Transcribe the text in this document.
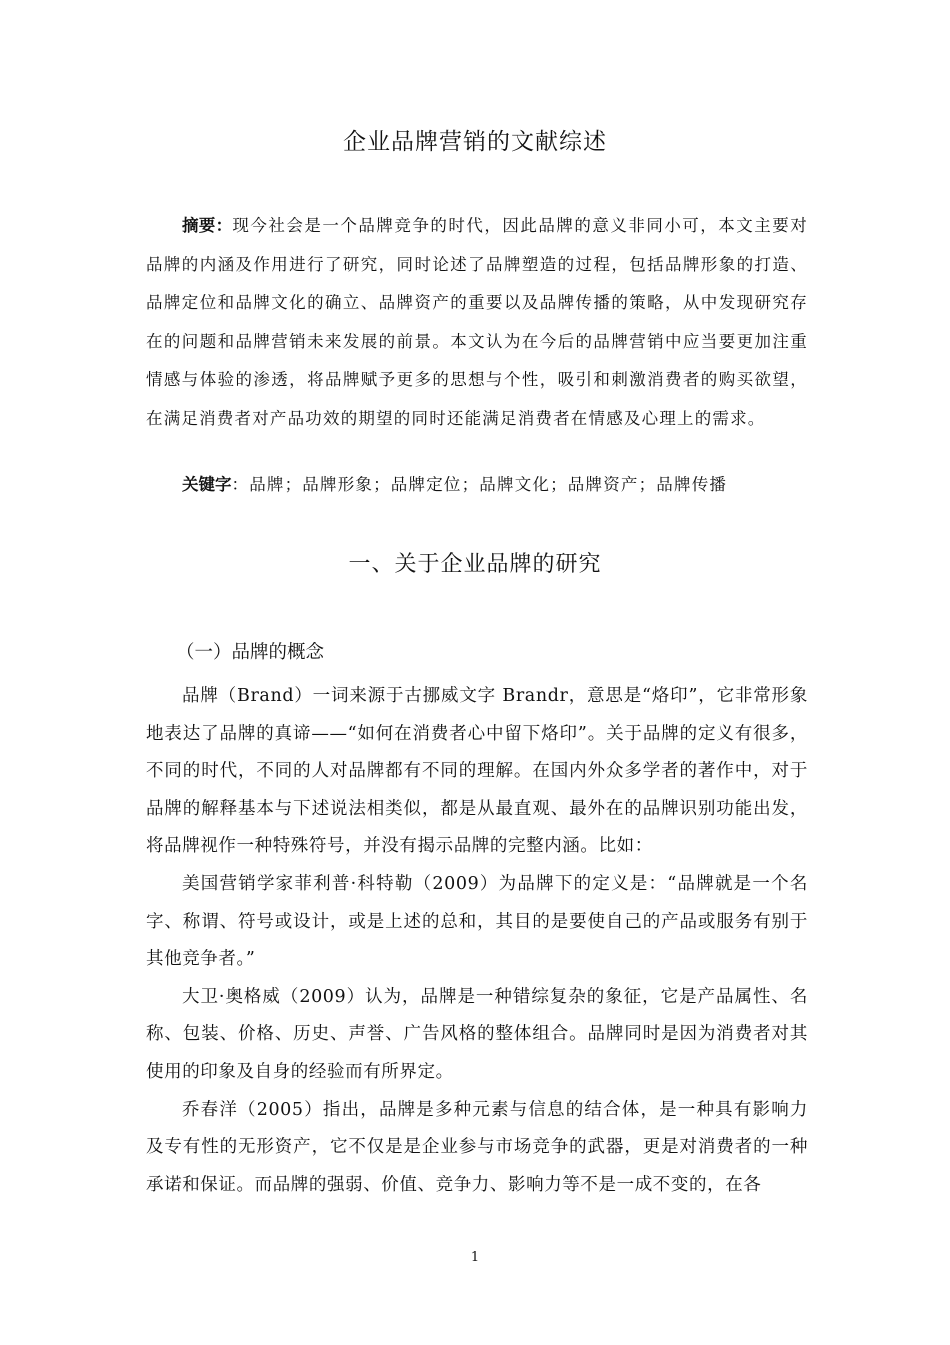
企业品牌营销的文献综述

摘要：现今社会是一个品牌竞争的时代，因此品牌的意义非同小可，本文主要对品牌的内涵及作用进行了研究，同时论述了品牌塑造的过程，包括品牌形象的打造、品牌定位和品牌文化的确立、品牌资产的重要以及品牌传播的策略，从中发现研究存在的问题和品牌营销未来发展的前景。本文认为在今后的品牌营销中应当要更加注重情感与体验的渗透，将品牌赋予更多的思想与个性，吸引和刺激消费者的购买欲望，在满足消费者对产品功效的期望的同时还能满足消费者在情感及心理上的需求。

关键字：品牌；品牌形象；品牌定位；品牌文化；品牌资产；品牌传播

一、关于企业品牌的研究
（一）品牌的概念

品牌（Brand）一词来源于古挪威文字 Brandr，意思是“烙印”，它非常形象地表达了品牌的真谛——“如何在消费者心中留下烙印”。关于品牌的定义有很多，不同的时代，不同的人对品牌都有不同的理解。在国内外众多学者的著作中，对于品牌的解释基本与下述说法相类似，都是从最直观、最外在的品牌识别功能出发，将品牌视作一种特殊符号，并没有揭示品牌的完整内涵。比如：

美国营销学家菲利普·科特勒（2009）为品牌下的定义是：“品牌就是一个名字、称谓、符号或设计，或是上述的总和，其目的是要使自己的产品或服务有别于其他竞争者。”

大卫·奥格威（2009）认为，品牌是一种错综复杂的象征，它是产品属性、名称、包装、价格、历史、声誉、广告风格的整体组合。品牌同时是因为消费者对其使用的印象及自身的经验而有所界定。

乔春洋（2005）指出，品牌是多种元素与信息的结合体，是一种具有影响力及专有性的无形资产，它不仅是是企业参与市场竞争的武器，更是对消费者的一种承诺和保证。而品牌的强弱、价值、竞争力、影响力等不是一成不变的，在各

1
